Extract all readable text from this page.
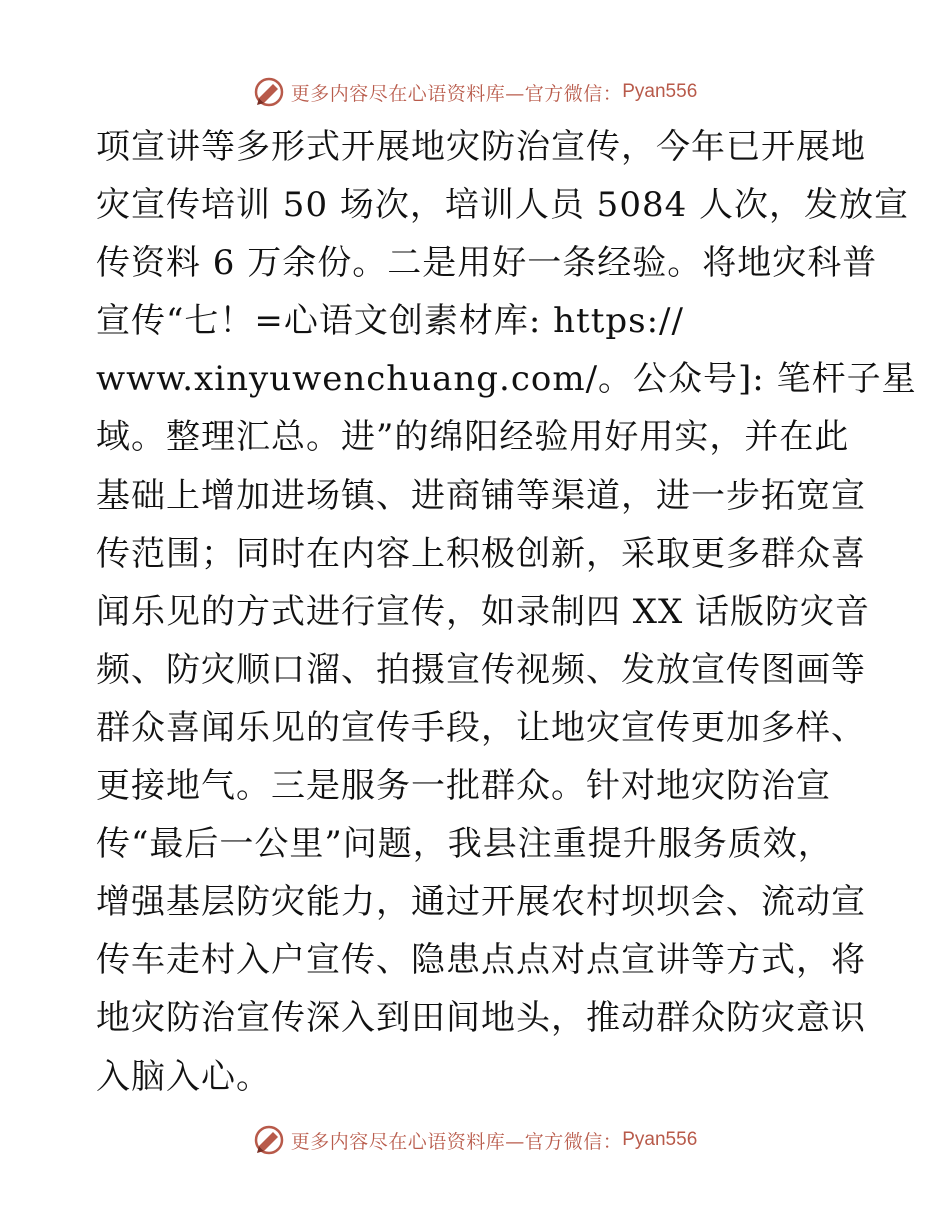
更多内容尽在心语资料库—官方微信： Pyan556
项宣讲等多形式开展地灾防治宣传，今年已开展地
灾宣传培训 50 场次，培训人员 5084 人次，发放宣
传资料 6 万余份。二是用好一条经验。将地灾科普
宣传“七！=心语文创素材库: https://
www.xinyuwenchuang.com/。公众号]: 笔杆子星
域。整理汇总。进”的绵阳经验用好用实，并在此
基础上增加进场镇、进商铺等渠道，进一步拓宽宣
传范围；同时在内容上积极创新，采取更多群众喜
闻乐见的方式进行宣传，如录制四 XX 话版防灾音
频、防灾顺口溜、拍摄宣传视频、发放宣传图画等
群众喜闻乐见的宣传手段，让地灾宣传更加多样、
更接地气。三是服务一批群众。针对地灾防治宣
传“最后一公里”问题，我县注重提升服务质效，
增强基层防灾能力，通过开展农村坝坝会、流动宣
传车走村入户宣传、隐患点点对点宣讲等方式，将
地灾防治宣传深入到田间地头，推动群众防灾意识
入脑入心。
更多内容尽在心语资料库—官方微信： Pyan556
